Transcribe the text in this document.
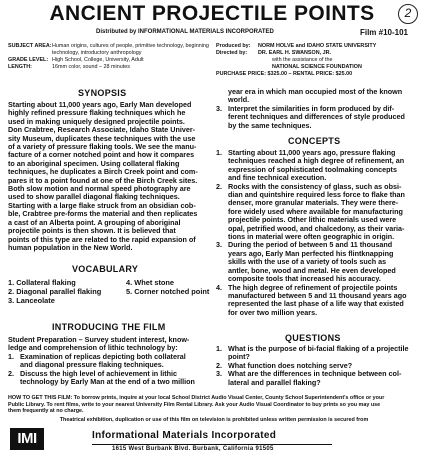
ANCIENT PROJECTILE POINTS	2
Distributed by INFORMATIONAL MATERIALS INCORPORATED	Film #10-101
SUBJECT AREA: Human origins, cultures of people, primitive technology, beginning technology, introductory anthropology
GRADE LEVEL: High School, College, University, Adult
LENGTH:	16mm color, sound – 28 minutes
Produced by:	NORM HOLVE and IDAHO STATE UNIVERSITY
Directed by:	DR. EARL H. SWANSON, JR.
with the assistance of the
NATIONAL SCIENCE FOUNDATION
PURCHASE PRICE: $325.00 – RENTAL PRICE: $25.00
SYNOPSIS
Starting about 11,000 years ago, Early Man developed
highly refined pressure flaking techniques which he
used in making uniquely designed projectile points.
Don Crabtree, Research Associate, Idaho State Univer-
sity Museum, duplicates these techniques with the use
of a variety of pressure flaking tools. We see the manu-
facture of a corner notched point and how it compares
to an aboriginal specimen. Using collateral flaking
techniques, he duplicates a Birch Creek point and com-
pares it to a point found at one of the Birch Creek sites.
Both slow motion and normal speed photography are
used to show parallel diagonal flaking techniques.
Starting with a large flake struck from an obsidian cob-
ble, Crabtree pre-forms the material and then replicates
a cast of an Alberta point. A grouping of aboriginal
projectile points is then shown. It is believed that
points of this type are related to the rapid expansion of
human population in the New World.
VOCABULARY
1. Collateral flaking	4. Whet stone
2. Diagonal parallel flaking	5. Corner notched point
3. Lanceolate
INTRODUCING THE FILM
Student Preparation – Survey student interest, know-
ledge and comprehension of lithic technology by:
1. Examination of replicas depicting both collateral
and diagonal pressure flaking techniques.
2. Discuss the high level of achievement in lithic
technology by Early Man at the end of a two million
year era in which man occupied most of the known
world.
3. Interpret the similarities in form produced by dif-
ferent techniques and differences of style produced
by the same techniques.
CONCEPTS
1. Starting about 11,000 years ago, pressure flaking
techniques reached a high degree of refinement, an
expression of sophisticated toolmaking concepts
and fine technical execution.
2. Rocks with the consistency of glass, such as obsi-
dian and quintshire required less force to flake than
denser, more granular materials. They were there-
fore widely used where available for manufacturing
projectile points. Other lithic materials used were
opal, petrified wood, and chalcedony, as their varia-
tions in material were often geographic in origin.
3. During the period of between 5 and 11 thousand
years ago, Early Man perfected his flintknapping
skills with the use of a variety of tools such as
antler, bone, wood and metal. He even developed
composite tools that increased his accuracy.
4. The high degree of refinement of projectile points
manufactured between 5 and 11 thousand years ago
represented the last phase of a life way that existed
for over two million years.
QUESTIONS
1. What is the purpose of bi-facial flaking of a projectile
point?
2. What function does notching serve?
3. What are the differences in technique between col-
lateral and parallel flaking?
HOW TO GET THIS FILM: To borrow prints, inquire at your local School District Audio Visual Center, County School Superintendent's office or your
Public Library. To rent films, write to your nearest University Film Rental Library. Ask your Audio Visual Coordinator to buy prints so you may use
them frequently at no charge.
Theatrical exhibition, duplication or use of this film on television is prohibited unless written permission is secured from
IMI	Informational Materials Incorporated
1615 West Burbank Blvd. Burbank, California 91505
